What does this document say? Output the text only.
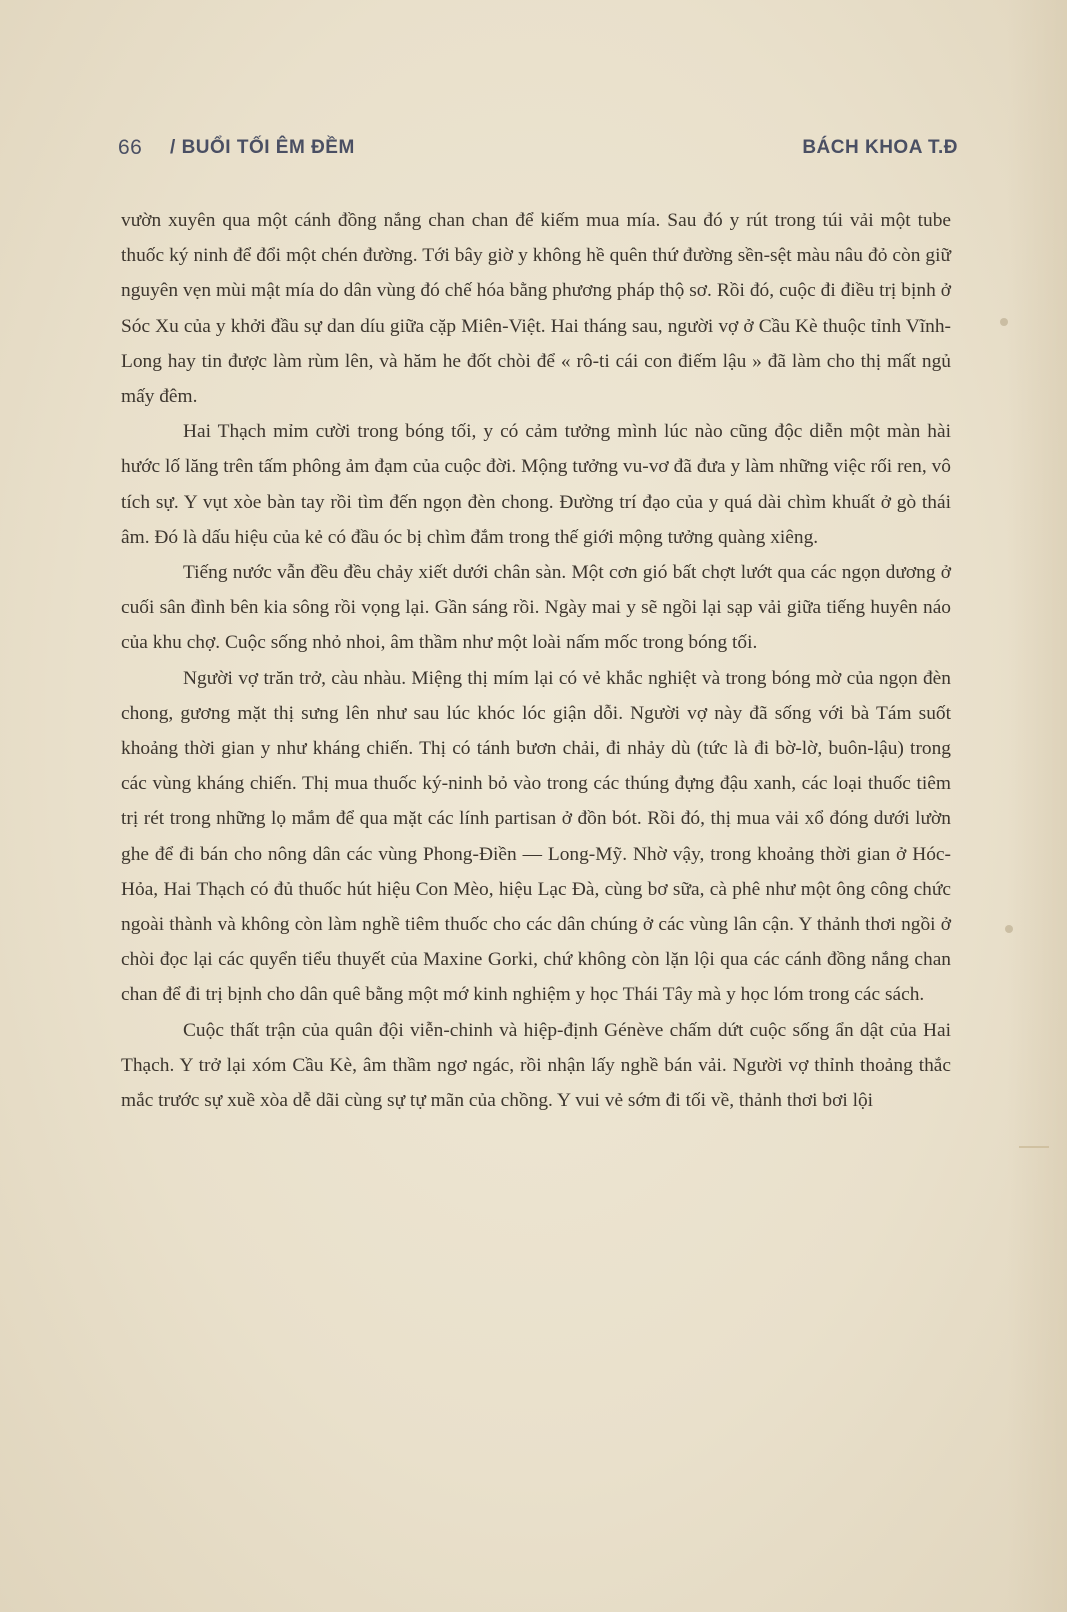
66 / BUỔI TỐI ÊM ĐỀM	BÁCH KHOA T.Đ

vườn xuyên qua một cánh đồng nắng chan chan để kiếm mua mía. Sau đó y rút trong túi vải một tube thuốc ký ninh để đổi một chén đường. Tới bây giờ y không hề quên thứ đường sền-sệt màu nâu đỏ còn giữ nguyên vẹn mùi mật mía do dân vùng đó chế hóa bằng phương pháp thộ sơ. Rồi đó, cuộc đi điều trị bịnh ở Sóc Xu của y khởi đầu sự dan díu giữa cặp Miên-Việt. Hai tháng sau, người vợ ở Cầu Kè thuộc tỉnh Vĩnh-Long hay tin được làm rùm lên, và hăm he đốt chòi để « rô-ti cái con điếm lậu » đã làm cho thị mất ngủ mấy đêm.

Hai Thạch mỉm cười trong bóng tối, y có cảm tưởng mình lúc nào cũng độc diễn một màn hài hước lố lăng trên tấm phông ảm đạm của cuộc đời. Mộng tưởng vu-vơ đã đưa y làm những việc rối ren, vô tích sự. Y vụt xòe bàn tay rồi tìm đến ngọn đèn chong. Đường trí đạo của y quá dài chìm khuất ở gò thái âm. Đó là dấu hiệu của kẻ có đầu óc bị chìm đắm trong thế giới mộng tưởng quàng xiêng.

Tiếng nước vẫn đều đều chảy xiết dưới chân sàn. Một cơn gió bất chợt lướt qua các ngọn dương ở cuối sân đình bên kia sông rồi vọng lại. Gần sáng rồi. Ngày mai y sẽ ngồi lại sạp vải giữa tiếng huyên náo của khu chợ. Cuộc sống nhỏ nhoi, âm thầm như một loài nấm mốc trong bóng tối.

Người vợ trăn trở, càu nhàu. Miệng thị mím lại có vẻ khắc nghiệt và trong bóng mờ của ngọn đèn chong, gương mặt thị sưng lên như sau lúc khóc lóc giận dỗi. Người vợ này đã sống với bà Tám suốt khoảng thời gian y như kháng chiến. Thị có tánh bươn chải, đi nhảy dù (tức là đi bờ-lờ, buôn-lậu) trong các vùng kháng chiến. Thị mua thuốc ký-ninh bỏ vào trong các thúng đựng đậu xanh, các loại thuốc tiêm trị rét trong những lọ mắm để qua mặt các lính partisan ở đồn bót. Rồi đó, thị mua vải xổ đóng dưới lườn ghe để đi bán cho nông dân các vùng Phong-Điền — Long-Mỹ. Nhờ vậy, trong khoảng thời gian ở Hóc-Hỏa, Hai Thạch có đủ thuốc hút hiệu Con Mèo, hiệu Lạc Đà, cùng bơ sữa, cà phê như một ông công chức ngoài thành và không còn làm nghề tiêm thuốc cho các dân chúng ở các vùng lân cận. Y thảnh thơi ngồi ở chòi đọc lại các quyển tiểu thuyết của Maxine Gorki, chứ không còn lặn lội qua các cánh đồng nắng chan chan để đi trị bịnh cho dân quê bằng một mớ kinh nghiệm y học Thái Tây mà y học lóm trong các sách.

Cuộc thất trận của quân đội viễn-chinh và hiệp-định Génève chấm dứt cuộc sống ẩn dật của Hai Thạch. Y trở lại xóm Cầu Kè, âm thầm ngơ ngác, rồi nhận lấy nghề bán vải. Người vợ thỉnh thoảng thắc mắc trước sự xuề xòa dễ dãi cùng sự tự mãn của chồng. Y vui vẻ sớm đi tối về, thảnh thơi bơi lội
